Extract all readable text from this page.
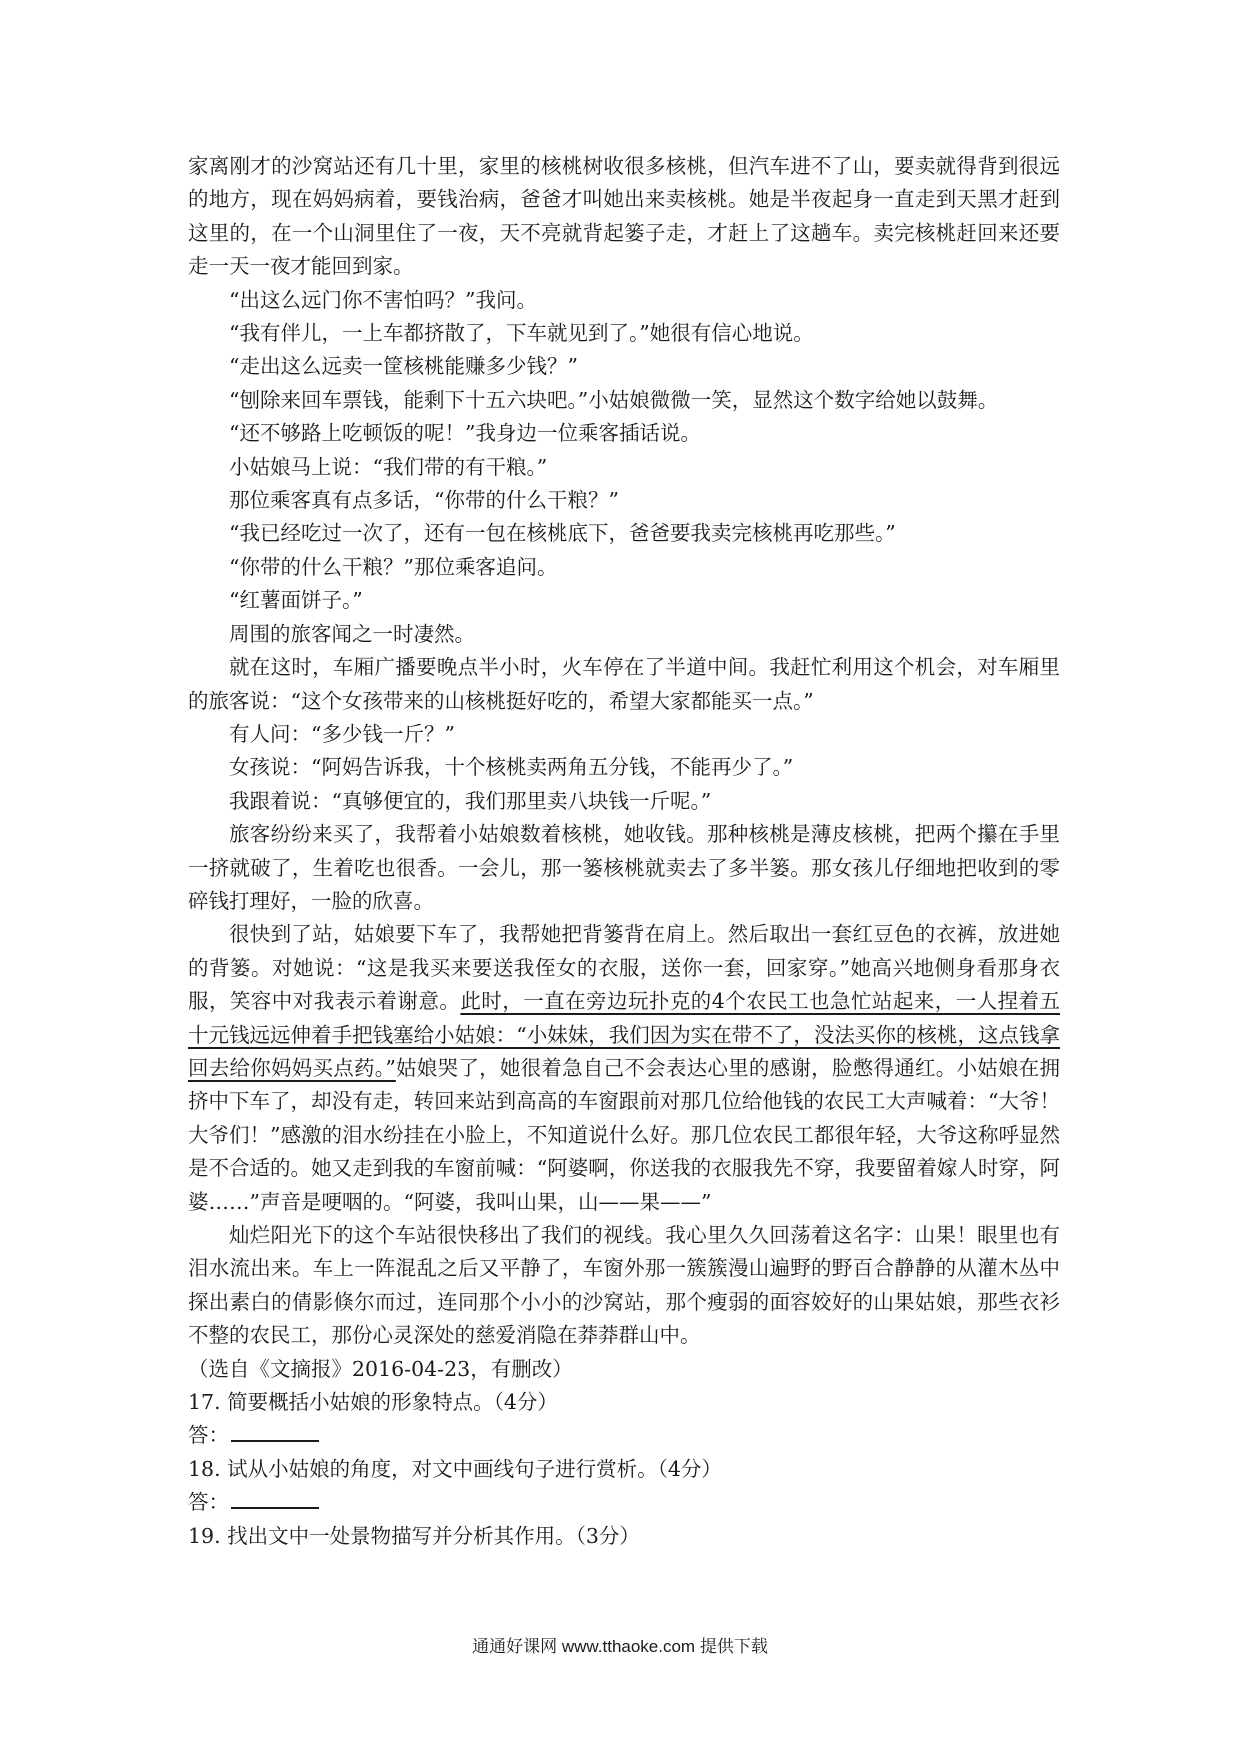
家离刚才的沙窝站还有几十里，家里的核桃树收很多核桃，但汽车进不了山，要卖就得背到很远的地方，现在妈妈病着，要钱治病，爸爸才叫她出来卖核桃。她是半夜起身一直走到天黑才赶到这里的，在一个山洞里住了一夜，天不亮就背起篓子走，才赶上了这趟车。卖完核桃赶回来还要走一天一夜才能回到家。

“出这么远门你不害怕吗？”我问。

“我有伴儿，一上车都挤散了，下车就见到了。”她很有信心地说。

“走出这么远卖一筐核桃能赚多少钱？”

“刨除来回车票钱，能剩下十五六块吧。”小姑娘微微一笑，显然这个数字给她以鼓舞。

“还不够路上吃顿饭的呢！”我身边一位乘客插话说。

小姑娘马上说：“我们带的有干粮。”

那位乘客真有点多话，“你带的什么干粮？”

“我已经吃过一次了，还有一包在核桃底下，爸爸要我卖完核桃再吃那些。”

“你带的什么干粮？”那位乘客追问。

“红薯面饼子。”

周围的旅客闻之一时凄然。

就在这时，车厢广播要晚点半小时，火车停在了半道中间。我赶忙利用这个机会，对车厢里的旅客说：“这个女孩带来的山核桃挺好吃的，希望大家都能买一点。”

有人问：“多少钱一斤？”

女孩说：“阿妈告诉我，十个核桃卖两角五分钱，不能再少了。”

我跟着说：“真够便宜的，我们那里卖八块钱一斤呢。”

旅客纷纷来买了，我帮着小姑娘数着核桃，她收钱。那种核桃是薄皮核桃，把两个攥在手里一挤就破了，生着吃也很香。一会儿，那一篓核桃就卖去了多半篓。那女孩儿仔细地把收到的零碎钱打理好，一脸的欣喜。

很快到了站，姑娘要下车了，我帮她把背篓背在肩上。然后取出一套红豆色的衣裤，放进她的背篓。对她说：“这是我买来要送我侄女的衣服，送你一套，回家穿。”她高兴地侧身看那身衣服，笑容中对我表示着谢意。此时，一直在旁边玩扑克的4个农民工也急忙站起来，一人捏着五十元钱远远伸着手把钱塞给小姑娘：“小妹妹，我们因为实在带不了，没法买你的核桃，这点钱拿回去给你妈妈买点药。”姑娘哭了，她很着急自己不会表达心里的感谢，脸憋得通红。小姑娘在拥挤中下车了，却没有走，转回来站到高高的车窗跟前对那几位给他钱的农民工大声喊着：“大爷！大爷们！”感激的泪水纷挂在小脸上，不知道说什么好。那几位农民工都很年轻，大爷这称呼显然是不合适的。她又走到我的车窗前喊：“阿婆啊，你送我的衣服我先不穿，我要留着嫁人时穿，阿婆……”声音是哽咽的。“阿婆，我叫山果，山——果——”

灿烂阳光下的这个车站很快移出了我们的视线。我心里久久回荡着这名字：山果！眼里也有泪水流出来。车上一阵混乱之后又平静了，车窗外那一簇簇漫山遍野的野百合静静的从灌木丛中探出素白的倩影倏尔而过，连同那个小小的沙窝站，那个瘦弱的面容姣好的山果姑娘，那些衣衫不整的农民工，那份心灵深处的慈爱消隐在莽莽群山中。

（选自《文摘报》2016-04-23，有删改）

17. 简要概括小姑娘的形象特点。（4分）

答：

18. 试从小姑娘的角度，对文中画线句子进行赏析。（4分）

答：

19. 找出文中一处景物描写并分析其作用。（3分）

通通好课网 www.tthaoke.com 提供下载
